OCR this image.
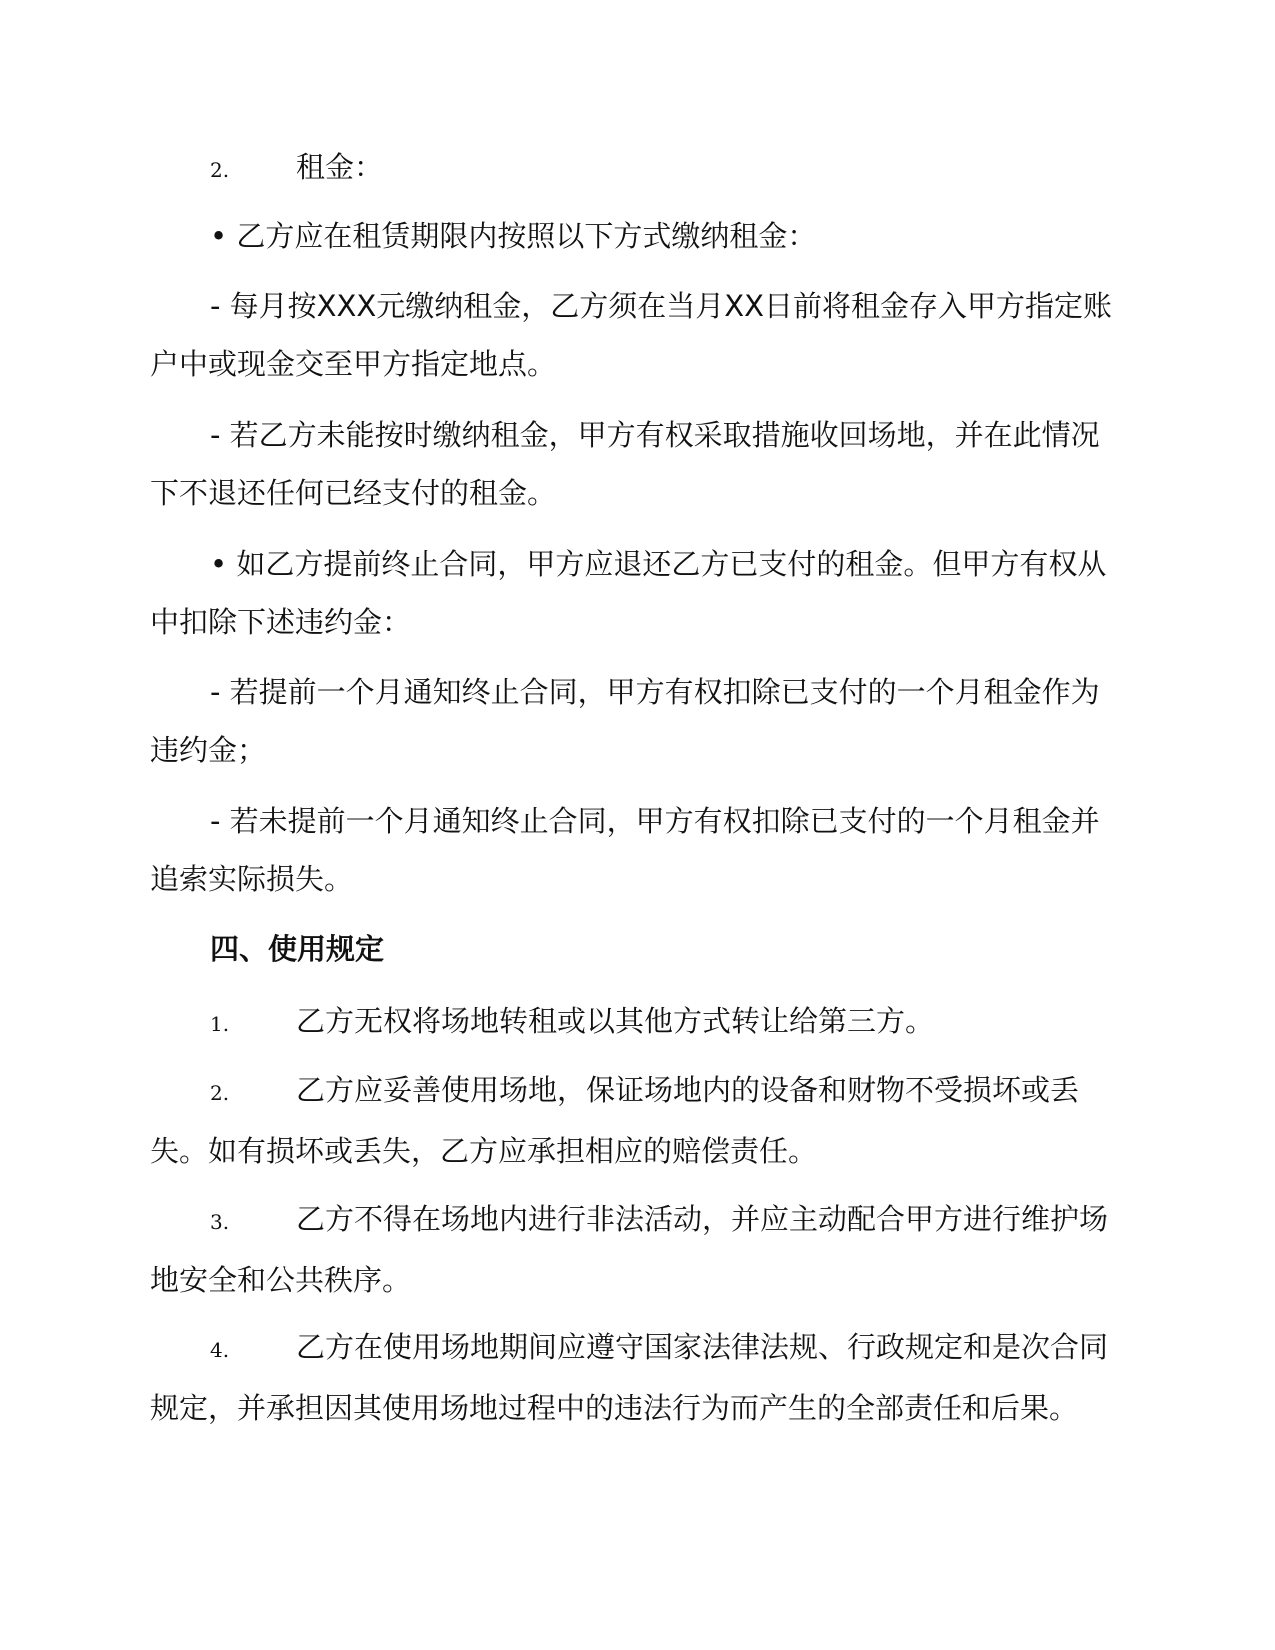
2. 租金：

• 乙方应在租赁期限内按照以下方式缴纳租金：

- 每月按XXX元缴纳租金，乙方须在当月XX日前将租金存入甲方指定账户中或现金交至甲方指定地点。

- 若乙方未能按时缴纳租金，甲方有权采取措施收回场地，并在此情况下不退还任何已经支付的租金。

• 如乙方提前终止合同，甲方应退还乙方已支付的租金。但甲方有权从中扣除下述违约金：

- 若提前一个月通知终止合同，甲方有权扣除已支付的一个月租金作为违约金；

- 若未提前一个月通知终止合同，甲方有权扣除已支付的一个月租金并追索实际损失。

四、使用规定

1. 乙方无权将场地转租或以其他方式转让给第三方。

2. 乙方应妥善使用场地，保证场地内的设备和财物不受损坏或丢失。如有损坏或丢失，乙方应承担相应的赔偿责任。

3. 乙方不得在场地内进行非法活动，并应主动配合甲方进行维护场地安全和公共秩序。

4. 乙方在使用场地期间应遵守国家法律法规、行政规定和是次合同规定，并承担因其使用场地过程中的违法行为而产生的全部责任和后果。
